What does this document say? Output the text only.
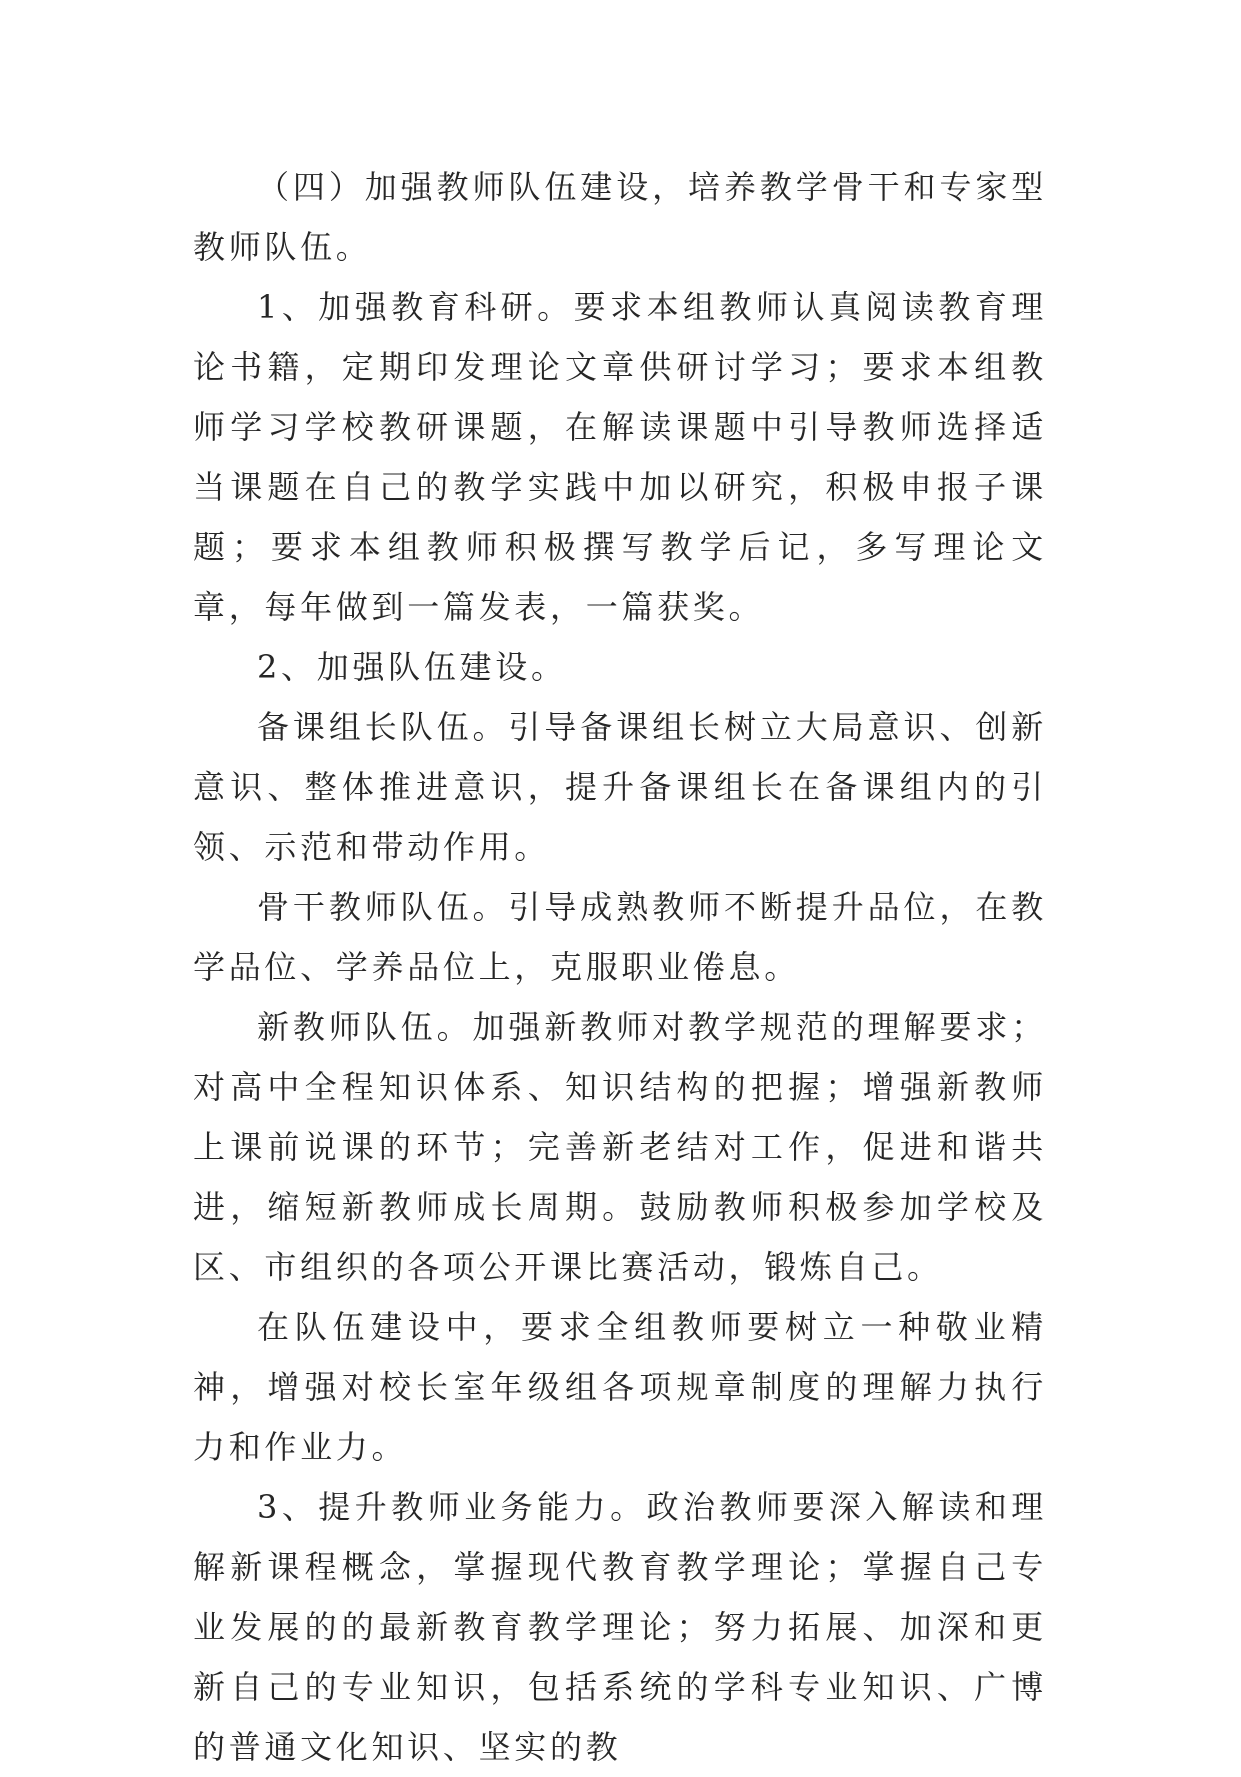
（四）加强教师队伍建设，培养教学骨干和专家型教师队伍。

1、加强教育科研。要求本组教师认真阅读教育理论书籍，定期印发理论文章供研讨学习；要求本组教师学习学校教研课题，在解读课题中引导教师选择适当课题在自己的教学实践中加以研究，积极申报子课题；要求本组教师积极撰写教学后记，多写理论文章，每年做到一篇发表，一篇获奖。

2、加强队伍建设。

备课组长队伍。引导备课组长树立大局意识、创新意识、整体推进意识，提升备课组长在备课组内的引领、示范和带动作用。

骨干教师队伍。引导成熟教师不断提升品位，在教学品位、学养品位上，克服职业倦息。

新教师队伍。加强新教师对教学规范的理解要求；对高中全程知识体系、知识结构的把握；增强新教师上课前说课的环节；完善新老结对工作，促进和谐共进，缩短新教师成长周期。鼓励教师积极参加学校及区、市组织的各项公开课比赛活动，锻炼自己。

在队伍建设中，要求全组教师要树立一种敬业精神，增强对校长室年级组各项规章制度的理解力执行力和作业力。

3、提升教师业务能力。政治教师要深入解读和理解新课程概念，掌握现代教育教学理论；掌握自己专业发展的的最新教育教学理论；努力拓展、加深和更新自己的专业知识，包括系统的学科专业知识、广博的普通文化知识、坚实的教
